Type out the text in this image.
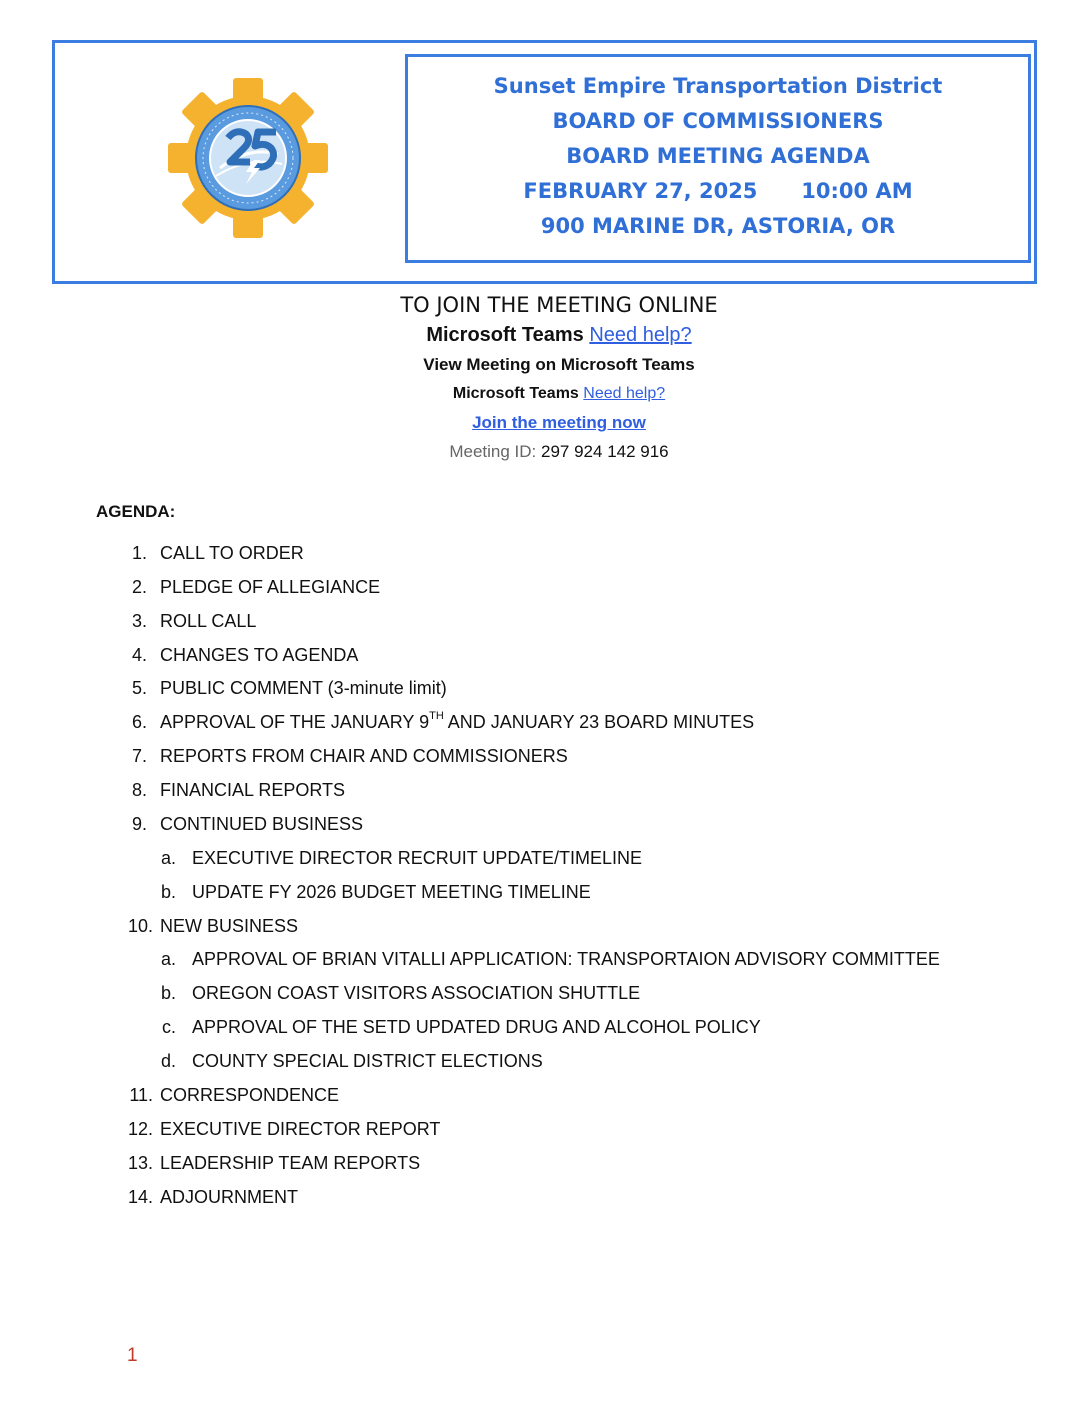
Sunset Empire Transportation District
BOARD OF COMMISSIONERS
BOARD MEETING AGENDA
FEBRUARY 27, 2025      10:00 AM
900 MARINE DR, ASTORIA, OR
TO JOIN THE MEETING ONLINE
Microsoft Teams Need help?
View Meeting on Microsoft Teams
Microsoft Teams Need help?
Join the meeting now
Meeting ID: 297 924 142 916
AGENDA:
1. CALL TO ORDER
2. PLEDGE OF ALLEGIANCE
3. ROLL CALL
4. CHANGES TO AGENDA
5. PUBLIC COMMENT (3-minute limit)
6. APPROVAL OF THE JANUARY 9TH AND JANUARY 23 BOARD MINUTES
7. REPORTS FROM CHAIR AND COMMISSIONERS
8. FINANCIAL REPORTS
9. CONTINUED BUSINESS
a. EXECUTIVE DIRECTOR RECRUIT UPDATE/TIMELINE
b. UPDATE FY 2026 BUDGET MEETING TIMELINE
10. NEW BUSINESS
a. APPROVAL OF BRIAN VITALLI APPLICATION: TRANSPORTAION ADVISORY COMMITTEE
b. OREGON COAST VISITORS ASSOCIATION SHUTTLE
c. APPROVAL OF THE SETD UPDATED DRUG AND ALCOHOL POLICY
d. COUNTY SPECIAL DISTRICT ELECTIONS
11. CORRESPONDENCE
12. EXECUTIVE DIRECTOR REPORT
13. LEADERSHIP TEAM REPORTS
14. ADJOURNMENT
1
